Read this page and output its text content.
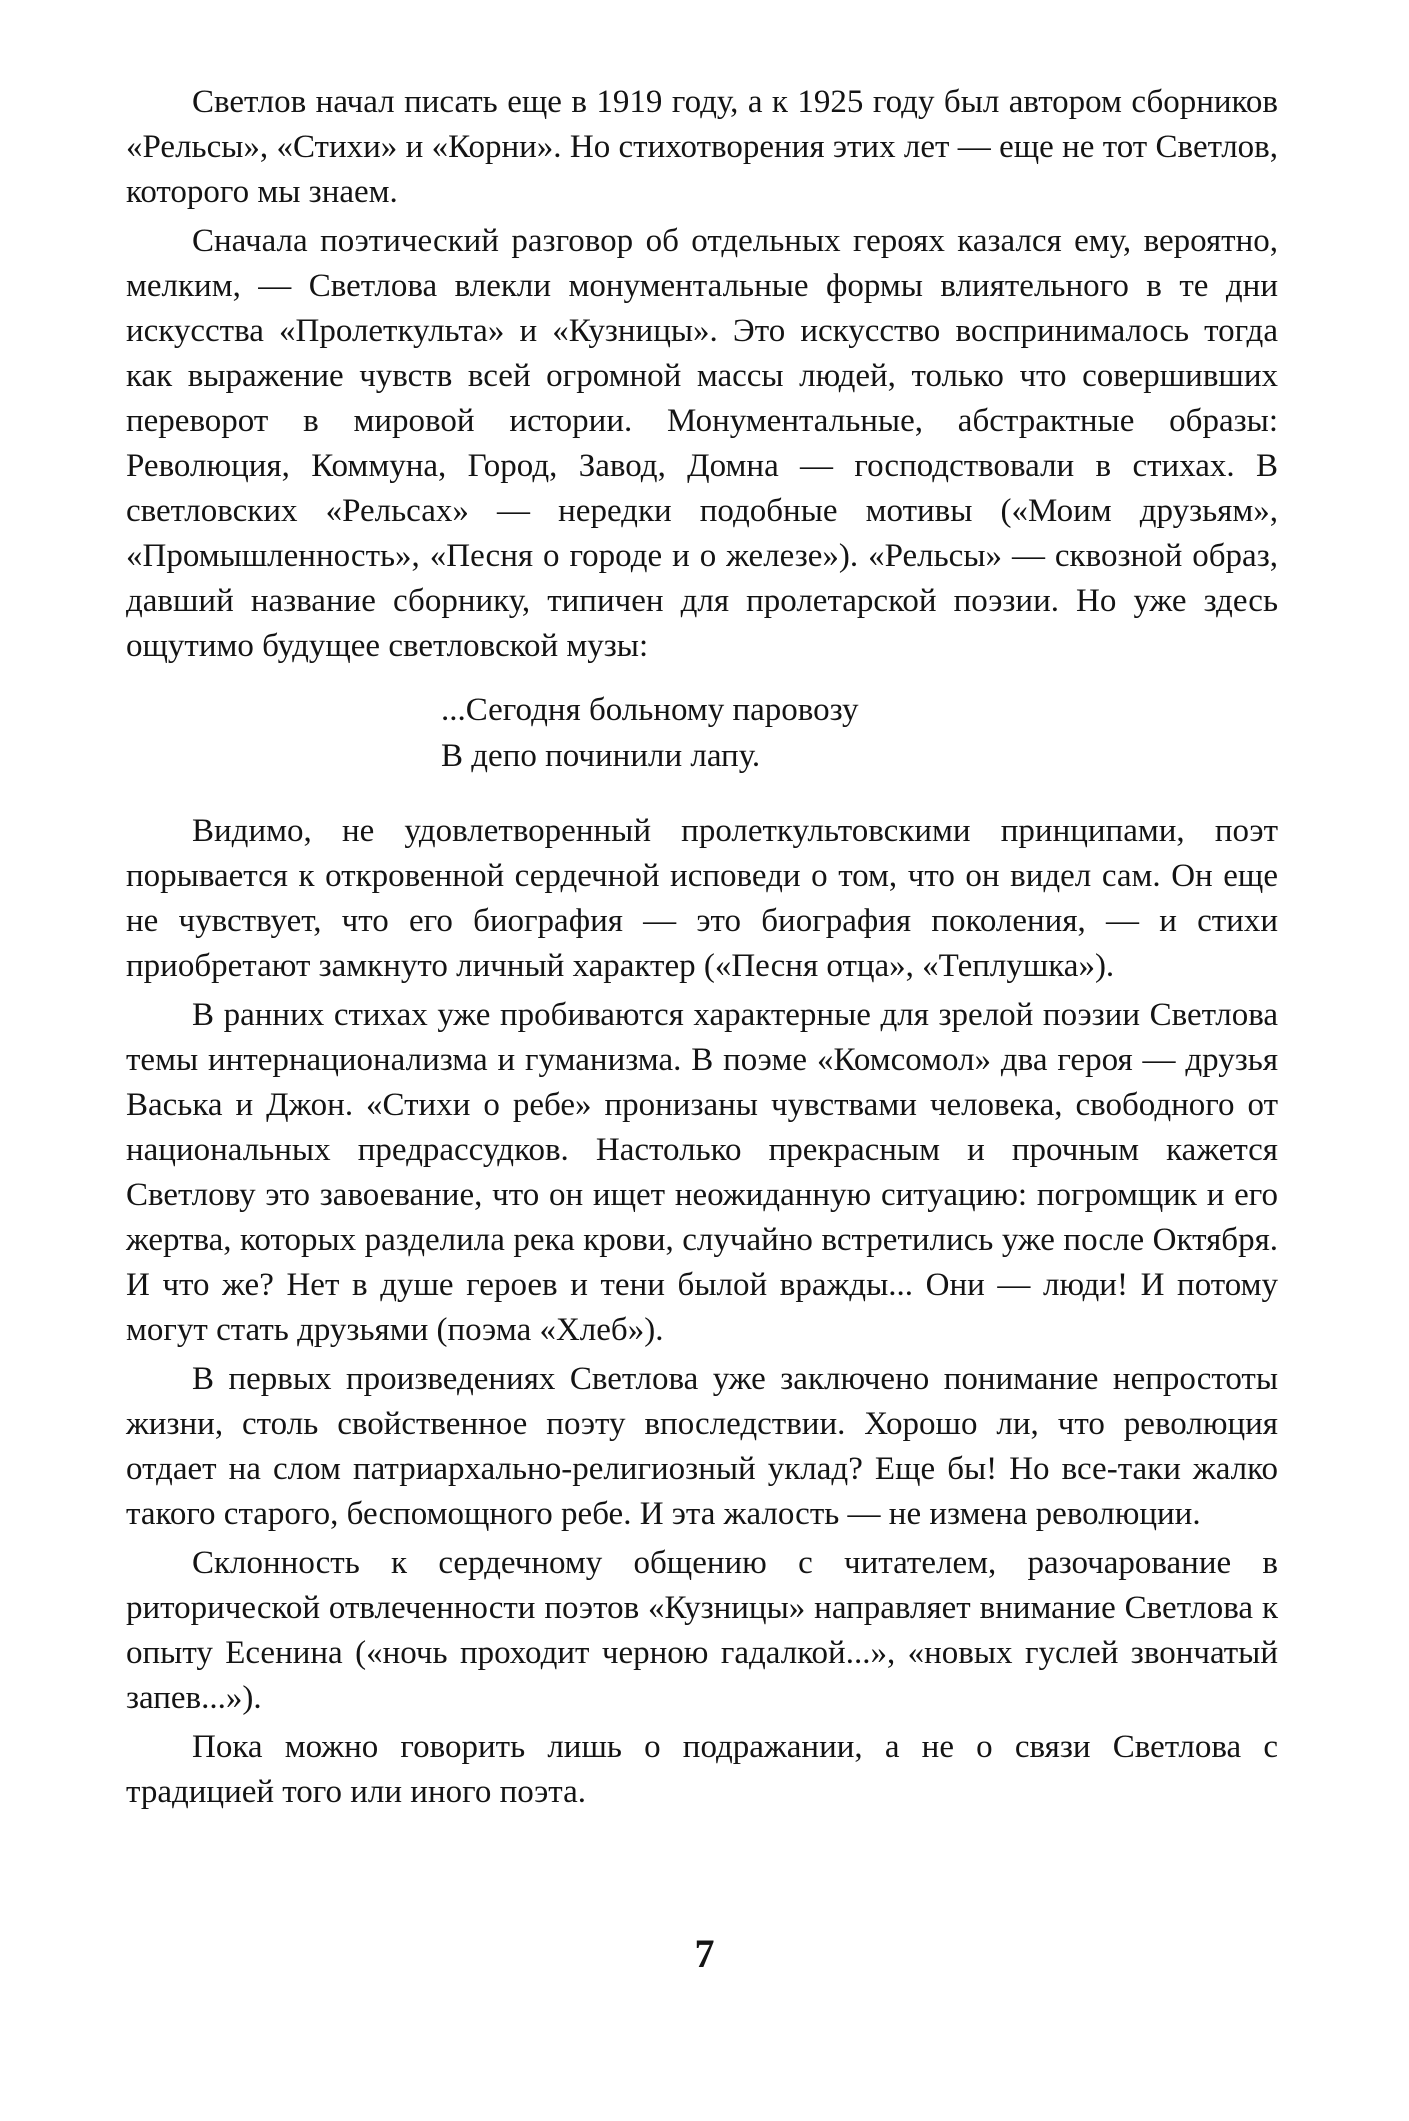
Светлов начал писать еще в 1919 году, а к 1925 году был автором сборников «Рельсы», «Стихи» и «Корни». Но стихотворения этих лет — еще не тот Светлов, которого мы знаем.

Сначала поэтический разговор об отдельных героях казался ему, вероятно, мелким, — Светлова влекли монументальные формы влиятельного в те дни искусства «Пролеткульта» и «Кузницы». Это искусство воспринималось тогда как выражение чувств всей огромной массы людей, только что совершивших переворот в мировой истории. Монументальные, абстрактные образы: Революция, Коммуна, Город, Завод, Домна — господствовали в стихах. В светловских «Рельсах» — нередки подобные мотивы («Моим друзьям», «Промышленность», «Песня о городе и о железе»). «Рельсы» — сквозной образ, давший название сборнику, типичен для пролетарской поэзии. Но уже здесь ощутимо будущее светловской музы:

...Сегодня больному паровозу
В депо починили лапу.

Видимо, не удовлетворенный пролеткультовскими принципами, поэт порывается к откровенной сердечной исповеди о том, что он видел сам. Он еще не чувствует, что его биография — это биография поколения, — и стихи приобретают замкнуто личный характер («Песня отца», «Теплушка»).

В ранних стихах уже пробиваются характерные для зрелой поэзии Светлова темы интернационализма и гуманизма. В поэме «Комсомол» два героя — друзья Васька и Джон. «Стихи о ребе» пронизаны чувствами человека, свободного от национальных предрассудков. Настолько прекрасным и прочным кажется Светлову это завоевание, что он ищет неожиданную ситуацию: погромщик и его жертва, которых разделила река крови, случайно встретились уже после Октября. И что же? Нет в душе героев и тени былой вражды... Они — люди! И потому могут стать друзьями (поэма «Хлеб»).

В первых произведениях Светлова уже заключено понимание непростоты жизни, столь свойственное поэту впоследствии. Хорошо ли, что революция отдает на слом патриархально-религиозный уклад? Еще бы! Но все-таки жалко такого старого, беспомощного ребе. И эта жалость — не измена революции.

Склонность к сердечному общению с читателем, разочарование в риторической отвлеченности поэтов «Кузницы» направляет внимание Светлова к опыту Есенина («ночь проходит черною гадалкой...», «новых гуслей звончатый запев...»).

Пока можно говорить лишь о подражании, а не о связи Светлова с традицией того или иного поэта.

7
